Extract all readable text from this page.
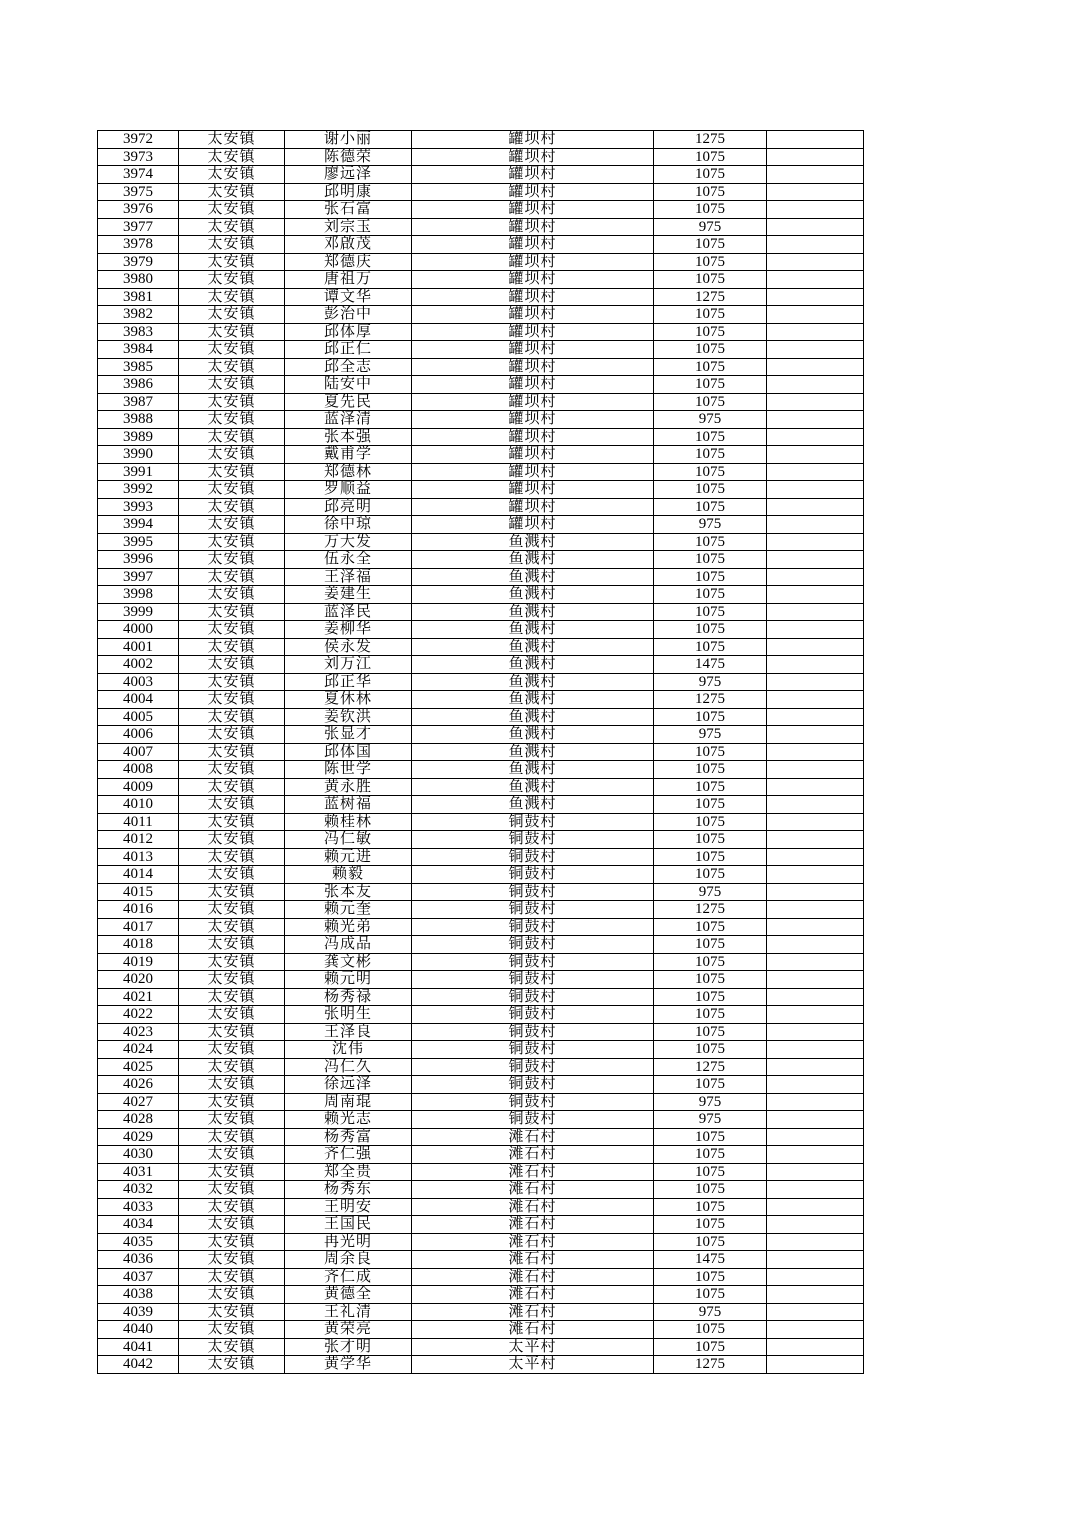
3972	太安镇	谢小丽	罐坝村	1275	
3973	太安镇	陈德荣	罐坝村	1075	
3974	太安镇	廖远泽	罐坝村	1075	
3975	太安镇	邱明康	罐坝村	1075	
3976	太安镇	张石富	罐坝村	1075	
3977	太安镇	刘宗玉	罐坝村	975	
3978	太安镇	邓啟茂	罐坝村	1075	
3979	太安镇	郑德庆	罐坝村	1075	
3980	太安镇	唐祖万	罐坝村	1075	
3981	太安镇	谭文华	罐坝村	1275	
3982	太安镇	彭治中	罐坝村	1075	
3983	太安镇	邱体厚	罐坝村	1075	
3984	太安镇	邱正仁	罐坝村	1075	
3985	太安镇	邱全志	罐坝村	1075	
3986	太安镇	陆安中	罐坝村	1075	
3987	太安镇	夏先民	罐坝村	1075	
3988	太安镇	蓝泽清	罐坝村	975	
3989	太安镇	张本强	罐坝村	1075	
3990	太安镇	戴甫学	罐坝村	1075	
3991	太安镇	郑德林	罐坝村	1075	
3992	太安镇	罗顺益	罐坝村	1075	
3993	太安镇	邱亮明	罐坝村	1075	
3994	太安镇	徐中琼	罐坝村	975	
3995	太安镇	万大发	鱼溅村	1075	
3996	太安镇	伍永全	鱼溅村	1075	
3997	太安镇	王泽福	鱼溅村	1075	
3998	太安镇	姜建生	鱼溅村	1075	
3999	太安镇	蓝泽民	鱼溅村	1075	
4000	太安镇	姜柳华	鱼溅村	1075	
4001	太安镇	侯永发	鱼溅村	1075	
4002	太安镇	刘万江	鱼溅村	1475	
4003	太安镇	邱正华	鱼溅村	975	
4004	太安镇	夏休林	鱼溅村	1275	
4005	太安镇	姜钦洪	鱼溅村	1075	
4006	太安镇	张显才	鱼溅村	975	
4007	太安镇	邱体国	鱼溅村	1075	
4008	太安镇	陈世学	鱼溅村	1075	
4009	太安镇	黄永胜	鱼溅村	1075	
4010	太安镇	蓝树福	鱼溅村	1075	
4011	太安镇	赖桂林	铜鼓村	1075	
4012	太安镇	冯仁敏	铜鼓村	1075	
4013	太安镇	赖元进	铜鼓村	1075	
4014	太安镇	赖毅	铜鼓村	1075	
4015	太安镇	张本友	铜鼓村	975	
4016	太安镇	赖元奎	铜鼓村	1275	
4017	太安镇	赖光弟	铜鼓村	1075	
4018	太安镇	冯成品	铜鼓村	1075	
4019	太安镇	龚文彬	铜鼓村	1075	
4020	太安镇	赖元明	铜鼓村	1075	
4021	太安镇	杨秀禄	铜鼓村	1075	
4022	太安镇	张明生	铜鼓村	1075	
4023	太安镇	王泽良	铜鼓村	1075	
4024	太安镇	沈伟	铜鼓村	1075	
4025	太安镇	冯仁久	铜鼓村	1275	
4026	太安镇	徐远泽	铜鼓村	1075	
4027	太安镇	周南琨	铜鼓村	975	
4028	太安镇	赖光志	铜鼓村	975	
4029	太安镇	杨秀富	滩石村	1075	
4030	太安镇	齐仁强	滩石村	1075	
4031	太安镇	郑全贵	滩石村	1075	
4032	太安镇	杨秀东	滩石村	1075	
4033	太安镇	王明安	滩石村	1075	
4034	太安镇	王国民	滩石村	1075	
4035	太安镇	冉光明	滩石村	1075	
4036	太安镇	周余良	滩石村	1475	
4037	太安镇	齐仁成	滩石村	1075	
4038	太安镇	黄德全	滩石村	1075	
4039	太安镇	王礼清	滩石村	975	
4040	太安镇	黄荣亮	滩石村	1075	
4041	太安镇	张才明	太平村	1075	
4042	太安镇	黄学华	太平村	1275	
